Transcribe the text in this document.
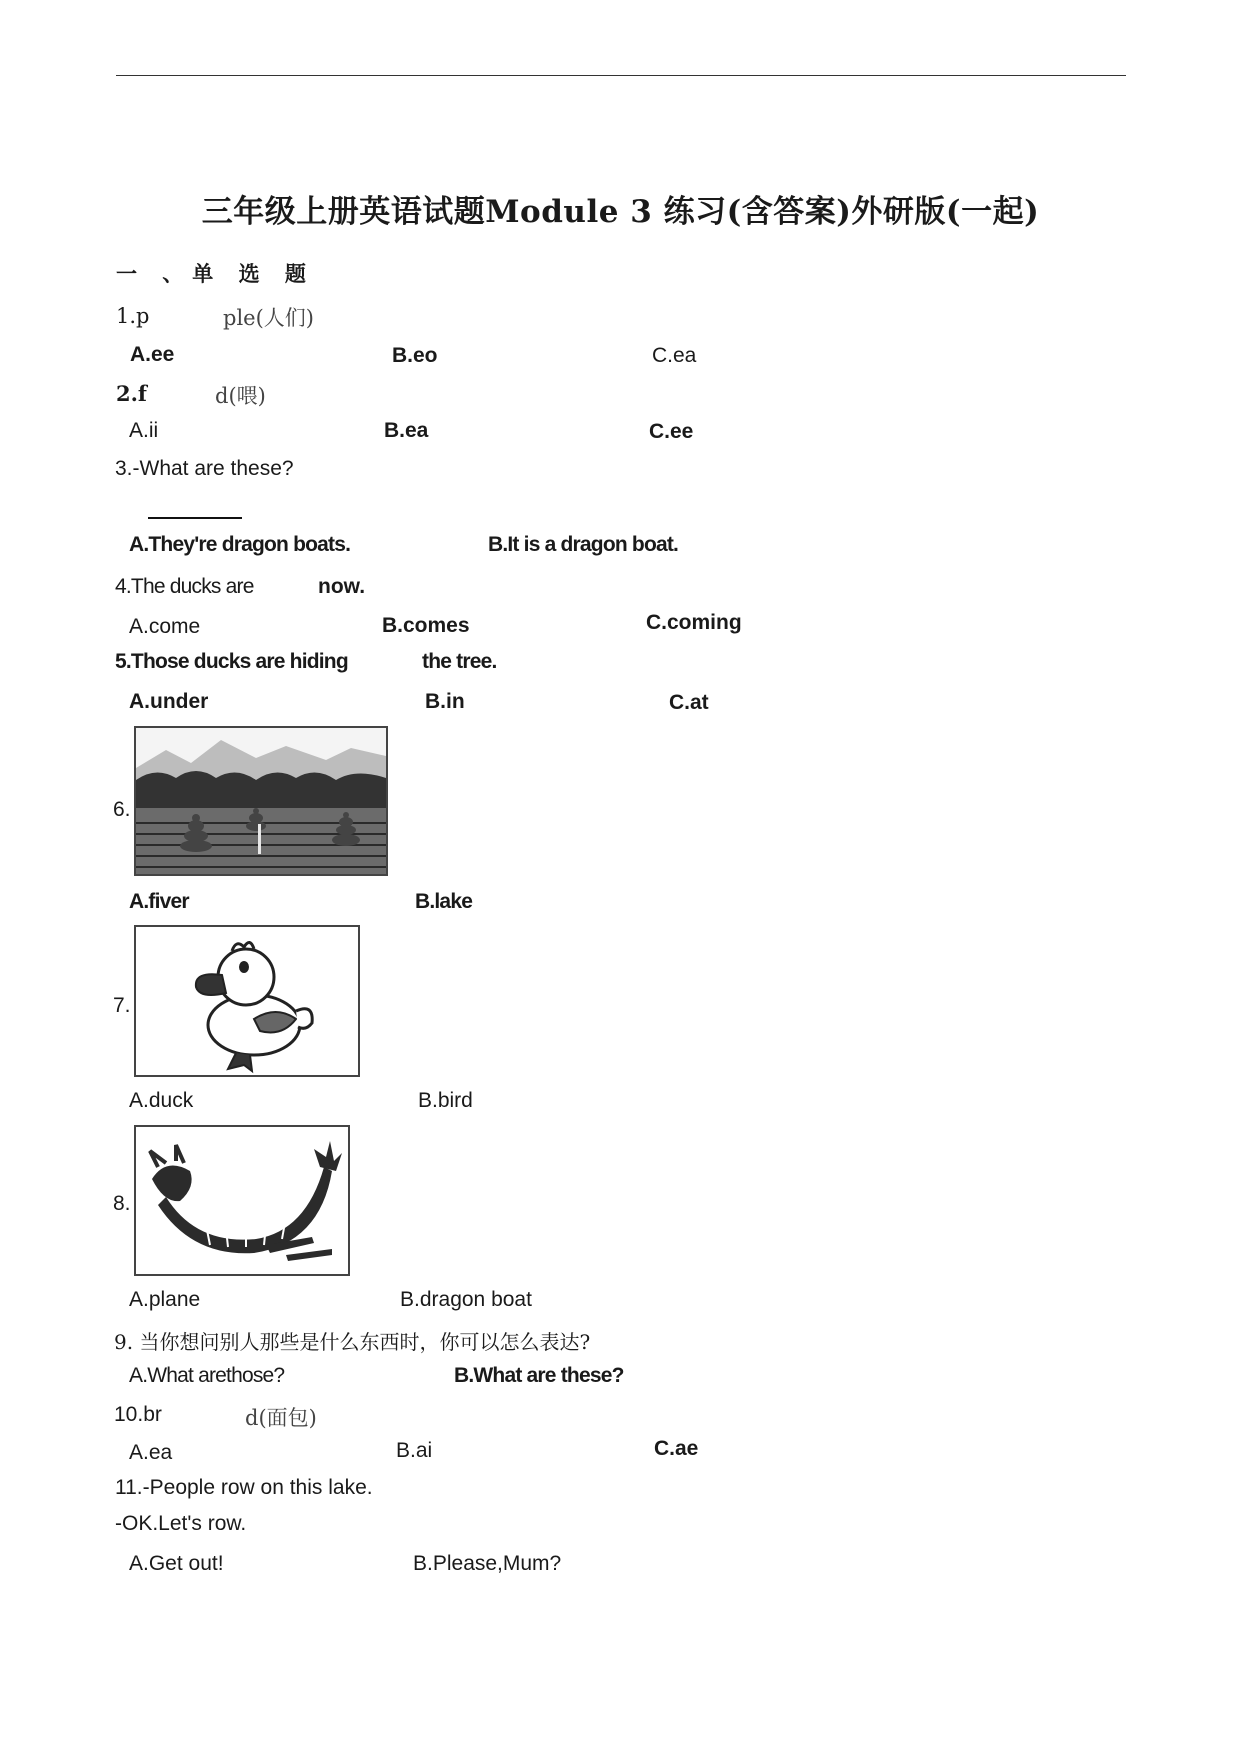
三年级上册英语试题Module 3 练习(含答案)外研版(一起)
一 、单 选 题
1.p	ple(人们)
A.ee	B.eo	C.ea
2.f	d(喂)
A.ii	B.ea	C.ee
3.-What are these?
A.They're dragon boats.	B.It is a dragon boat.
4.The ducks are	now.
A.come	B.comes	C.coming
5.Those ducks are hiding	the tree.
A.under	B.in	C.at
6.
A.fiver	B.lake
7.
A.duck	B.bird
8.
A.plane	B.dragon boat
9. 当你想问别人那些是什么东西时，你可以怎么表达?
A.What arethose?	B.What are these?
10.br	d(面包)
A.ea	B.ai	C.ae
11.-People row on this lake.
-OK.Let's row.
A.Get out!	B.Please,Mum?
